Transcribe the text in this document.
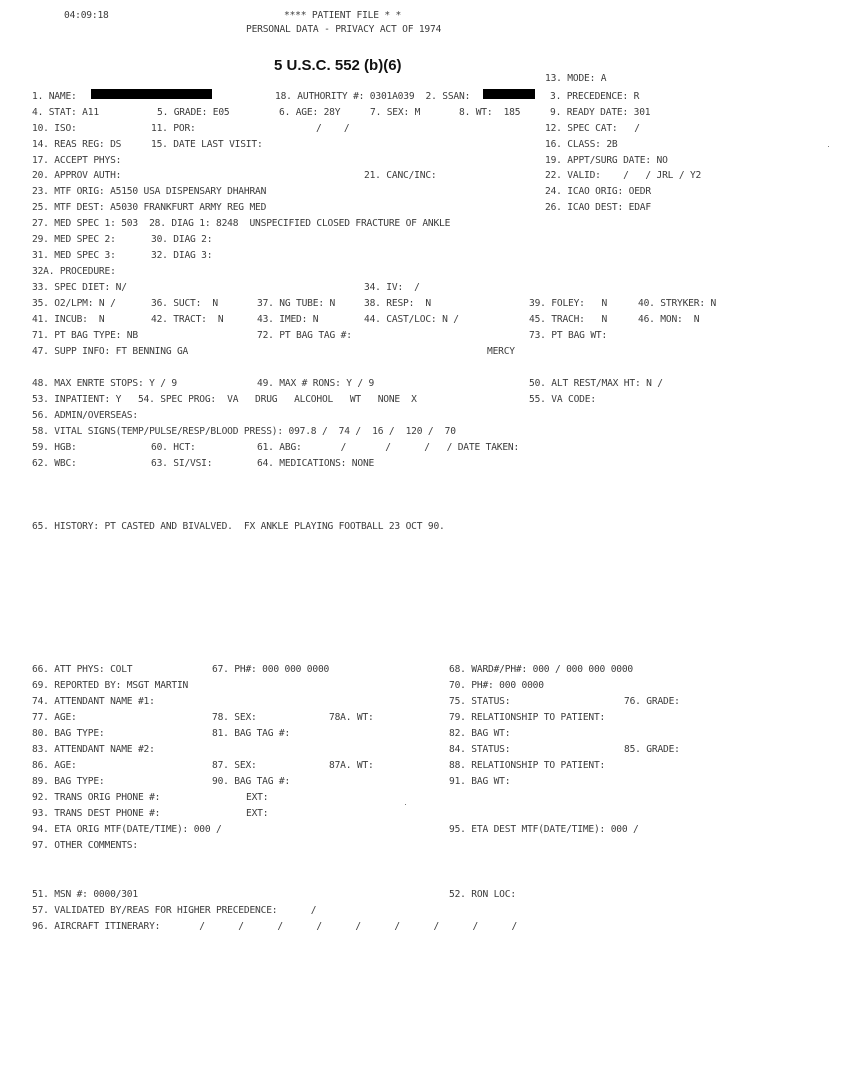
04:09:18	**** PATIENT FILE * *
PERSONAL DATA - PRIVACY ACT OF 1974
5 U.S.C. 552 (b)(6)
13. MODE: A
1. NAME:	18. AUTHORITY #: 0301A039  2. SSAN:	3. PRECEDENCE: R
4. STAT: A11	5. GRADE: E05	6. AGE: 28Y	7. SEX: M	8. WT:  185	9. READY DATE: 301
10. ISO:	11. POR:	/    /	12. SPEC CAT:   /
14. REAS REG: DS	15. DATE LAST VISIT:	16. CLASS: 2B
17. ACCEPT PHYS:	19. APPT/SURG DATE: NO
20. APPROV AUTH:	21. CANC/INC:	22. VALID:    /   / JRL / Y2
23. MTF ORIG: A5150 USA DISPENSARY DHAHRAN	24. ICAO ORIG: OEDR
25. MTF DEST: A5030 FRANKFURT ARMY REG MED	26. ICAO DEST: EDAF
27. MED SPEC 1: 503  28. DIAG 1: 8248  UNSPECIFIED CLOSED FRACTURE OF ANKLE
29. MED SPEC 2:	30. DIAG 2:
31. MED SPEC 3:	32. DIAG 3:
32A. PROCEDURE:
33. SPEC DIET: N/	34. IV:  /
35. O2/LPM: N /	36. SUCT:  N	37. NG TUBE: N	38. RESP:  N	39. FOLEY:   N	40. STRYKER: N
41. INCUB:  N	42. TRACT:  N	43. IMED: N	44. CAST/LOC: N /	45. TRACH:   N	46. MON:  N
71. PT BAG TYPE: NB	72. PT BAG TAG #:	73. PT BAG WT:
47. SUPP INFO: FT BENNING GA	MERCY
48. MAX ENRTE STOPS: Y / 9	49. MAX # RONS: Y / 9	50. ALT REST/MAX HT: N /
53. INPATIENT: Y   54. SPEC PROG:  VA   DRUG   ALCOHOL   WT   NONE  X	55. VA CODE:
56. ADMIN/OVERSEAS:
58. VITAL SIGNS(TEMP/PULSE/RESP/BLOOD PRESS): 097.8 /  74 /  16 /  120 /  70
59. HGB:	60. HCT:	61. ABG:       /       /      /   / DATE TAKEN:
62. WBC:	63. SI/VSI:	64. MEDICATIONS: NONE
65. HISTORY: PT CASTED AND BIVALVED.  FX ANKLE PLAYING FOOTBALL 23 OCT 90.
66. ATT PHYS: COLT	67. PH#: 000 000 0000	68. WARD#/PH#: 000 / 000 000 0000
69. REPORTED BY: MSGT MARTIN	70. PH#: 000 0000
74. ATTENDANT NAME #1:	75. STATUS:	76. GRADE:
77. AGE:	78. SEX:	78A. WT:	79. RELATIONSHIP TO PATIENT:
80. BAG TYPE:	81. BAG TAG #:	82. BAG WT:
83. ATTENDANT NAME #2:	84. STATUS:	85. GRADE:
86. AGE:	87. SEX:	87A. WT:	88. RELATIONSHIP TO PATIENT:
89. BAG TYPE:	90. BAG TAG #:	91. BAG WT:
92. TRANS ORIG PHONE #:	EXT:
93. TRANS DEST PHONE #:	EXT:
94. ETA ORIG MTF(DATE/TIME): 000 /	95. ETA DEST MTF(DATE/TIME): 000 /
97. OTHER COMMENTS:
51. MSN #: 0000/301	52. RON LOC:
57. VALIDATED BY/REAS FOR HIGHER PRECEDENCE:      /
96. AIRCRAFT ITINERARY:       /      /      /      /      /      /      /      /      /
